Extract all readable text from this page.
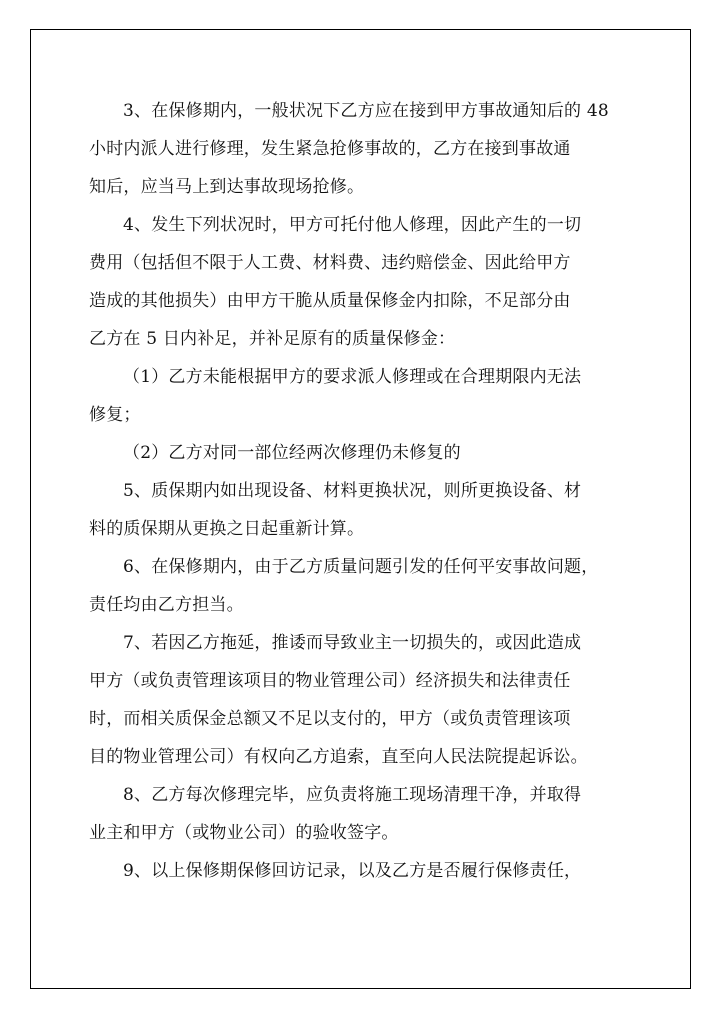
3、在保修期内，一般状况下乙方应在接到甲方事故通知后的 48
小时内派人进行修理，发生紧急抢修事故的，乙方在接到事故通
知后，应当马上到达事故现场抢修。
4、发生下列状况时，甲方可托付他人修理，因此产生的一切
费用（包括但不限于人工费、材料费、违约赔偿金、因此给甲方
造成的其他损失）由甲方干脆从质量保修金内扣除，不足部分由
乙方在 5 日内补足，并补足原有的质量保修金：
（1）乙方未能根据甲方的要求派人修理或在合理期限内无法
修复；
（2）乙方对同一部位经两次修理仍未修复的
5、质保期内如出现设备、材料更换状况，则所更换设备、材
料的质保期从更换之日起重新计算。
6、在保修期内，由于乙方质量问题引发的任何平安事故问题，
责任均由乙方担当。
7、若因乙方拖延，推诿而导致业主一切损失的，或因此造成
甲方（或负责管理该项目的物业管理公司）经济损失和法律责任
时，而相关质保金总额又不足以支付的，甲方（或负责管理该项
目的物业管理公司）有权向乙方追索，直至向人民法院提起诉讼。
8、乙方每次修理完毕，应负责将施工现场清理干净，并取得
业主和甲方（或物业公司）的验收签字。
9、以上保修期保修回访记录，以及乙方是否履行保修责任，
